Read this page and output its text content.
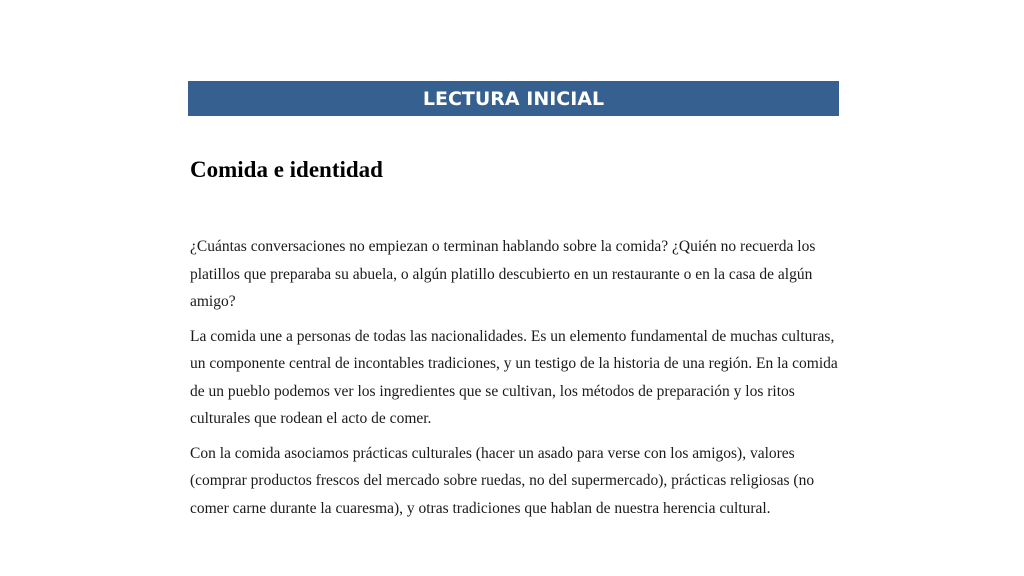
LECTURA INICIAL
Comida e identidad

¿Cuántas conversaciones no empiezan o terminan hablando sobre la comida? ¿Quién no recuerda los platillos que preparaba su abuela, o algún platillo descubierto en un restaurante o en la casa de algún amigo?

La comida une a personas de todas las nacionalidades. Es un elemento fundamental de muchas culturas, un componente central de incontables tradiciones, y un testigo de la historia de una región. En la comida de un pueblo podemos ver los ingredientes que se cultivan, los métodos de preparación y los ritos culturales que rodean el acto de comer.

Con la comida asociamos prácticas culturales (hacer un asado para verse con los amigos), valores (comprar productos frescos del mercado sobre ruedas, no del supermercado), prácticas religiosas (no comer carne durante la cuaresma), y otras tradiciones que hablan de nuestra herencia cultural.
